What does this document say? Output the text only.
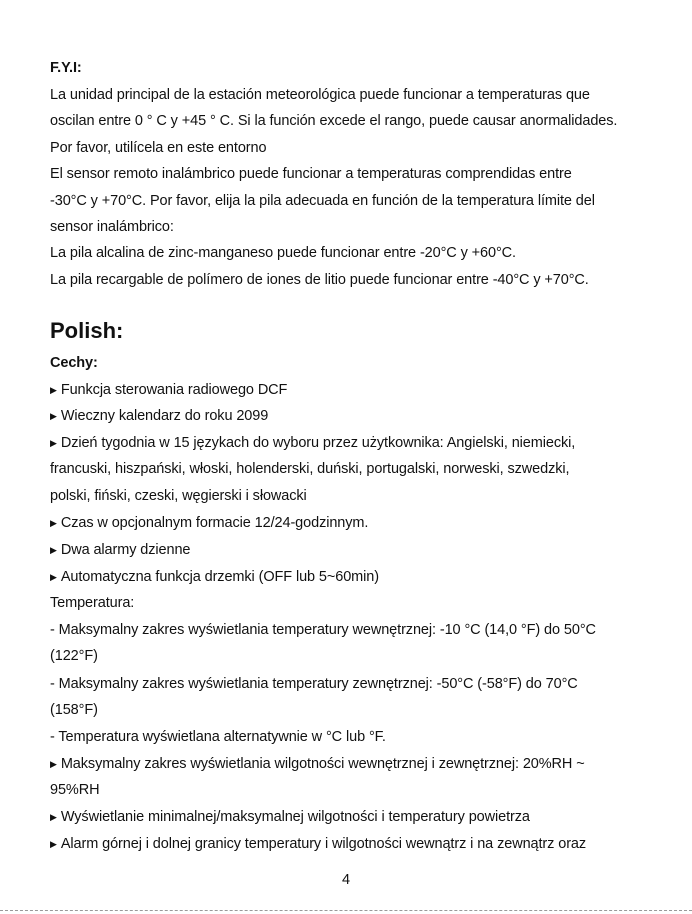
F.Y.I:
La unidad principal de la estación meteorológica puede funcionar a temperaturas que
oscilan entre 0 ° C y +45 ° C. Si la función excede el rango, puede causar anormalidades.
Por favor, utilícela en este entorno
El sensor remoto inalámbrico puede funcionar a temperaturas comprendidas entre
-30°C y +70°C. Por favor, elija la pila adecuada en función de la temperatura límite del
sensor inalámbrico:
La pila alcalina de zinc-manganeso puede funcionar entre -20°C y +60°C.
La pila recargable de polímero de iones de litio puede funcionar entre -40°C y +70°C.
Polish:
Cechy:
▶ Funkcja sterowania radiowego DCF
▶ Wieczny kalendarz do roku 2099
▶ Dzień tygodnia w 15 językach do wyboru przez użytkownika: Angielski, niemiecki,
francuski, hiszpański, włoski, holenderski, duński, portugalski, norweski, szwedzki,
polski, fiński, czeski, węgierski i słowacki
▶ Czas w opcjonalnym formacie 12/24-godzinnym.
▶ Dwa alarmy dzienne
▶ Automatyczna funkcja drzemki (OFF lub 5~60min)
Temperatura:
- Maksymalny zakres wyświetlania temperatury wewnętrznej: -10 °C (14,0 °F) do 50°C
(122°F)
- Maksymalny zakres wyświetlania temperatury zewnętrznej: -50°C (-58°F) do 70°C
(158°F)
- Temperatura wyświetlana alternatywnie w °C lub °F.
▶ Maksymalny zakres wyświetlania wilgotności wewnętrznej i zewnętrznej: 20%RH ~
95%RH
▶ Wyświetlanie minimalnej/maksymalnej wilgotności i temperatury powietrza
▶ Alarm górnej i dolnej granicy temperatury i wilgotności wewnątrz i na zewnątrz oraz
4
